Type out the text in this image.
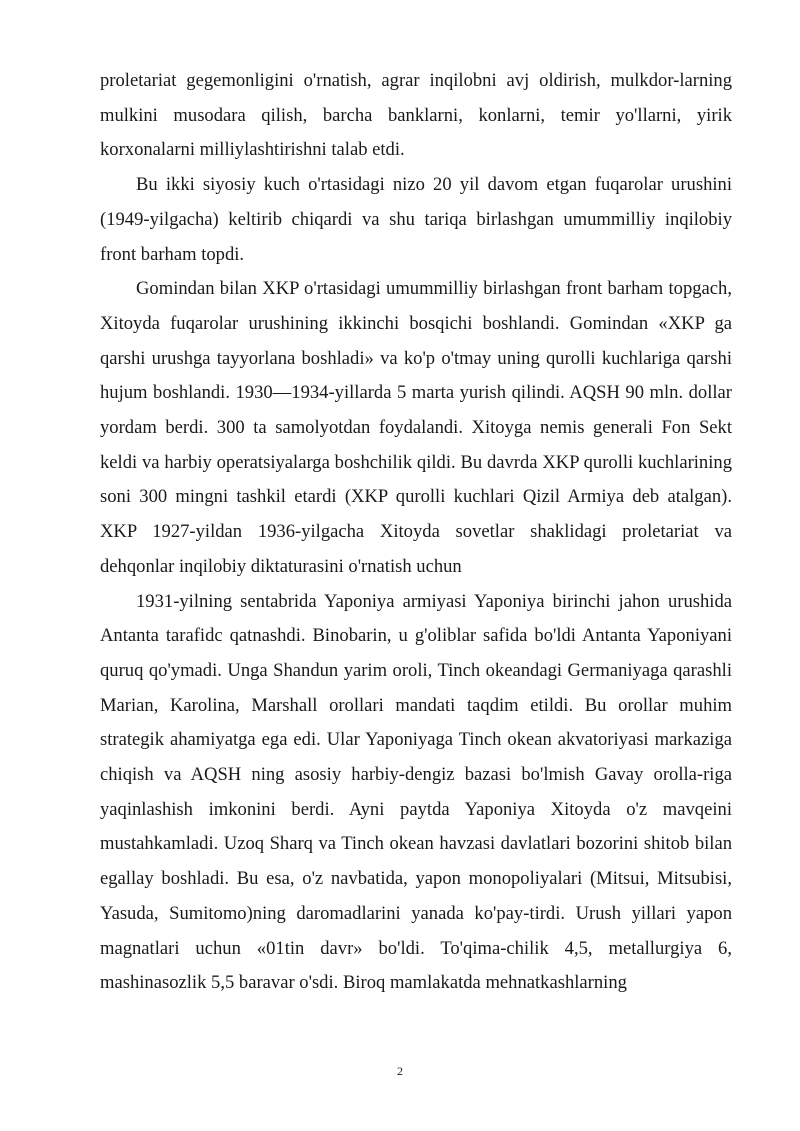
proletariat gegemonligini o'rnatish, agrar inqilobni avj oldirish, mulkdor-larning mulkini musodara qilish, barcha banklarni, konlarni, temir yo'llarni, yirik korxonalarni milliylashtirishni talab etdi.

Bu ikki siyosiy kuch o'rtasidagi nizo 20 yil davom etgan fuqarolar urushini (1949-yilgacha) keltirib chiqardi va shu tariqa birlashgan umummilliy inqilobiy front barham topdi.

Gomindan bilan XKP o'rtasidagi umummilliy birlashgan front barham topgach, Xitoyda fuqarolar urushining ikkinchi bosqichi boshlandi. Gomindan «XKP ga qarshi urushga tayyorlana boshladi» va ko'p o'tmay uning qurolli kuchlariga qarshi hujum boshlandi. 1930—1934-yillarda 5 marta yurish qilindi. AQSH 90 mln. dollar yordam berdi. 300 ta samolyotdan foydalandi. Xitoyga nemis generali Fon Sekt keldi va harbiy operatsiyalarga boshchilik qildi. Bu davrda XKP qurolli kuchlarining soni 300 mingni tashkil etardi (XKP qurolli kuchlari Qizil Armiya deb atalgan). XKP 1927-yildan 1936-yilgacha Xitoyda sovetlar shaklidagi proletariat va dehqonlar inqilobiy diktaturasini o'rnatish uchun

1931-yilning sentabrida Yaponiya armiyasi Yaponiya birinchi jahon urushida Antanta tarafidc qatnashdi. Binobarin, u g'oliblar safida bo'ldi Antanta Yaponiyani quruq qo'ymadi. Unga Shandun yarim oroli, Tinch okeandagi Germaniyaga qarashli Marian, Karolina, Marshall orollari mandati taqdim etildi. Bu orollar muhim strategik ahamiyatga ega edi. Ular Yaponiyaga Tinch okean akvatoriyasi markaziga chiqish va AQSH ning asosiy harbiy-dengiz bazasi bo'lmish Gavay orolla-riga yaqinlashish imkonini berdi. Ayni paytda Yaponiya Xitoyda o'z mavqeini mustahkamladi. Uzoq Sharq va Tinch okean havzasi davlatlari bozorini shitob bilan egallay boshladi. Bu esa, o'z navbatida, yapon monopoliyalari (Mitsui, Mitsubisi, Yasuda, Sumitomo)ning daromadlarini yanada ko'pay-tirdi. Urush yillari yapon magnatlari uchun «01tin davr» bo'ldi. To'qima-chilik 4,5, metallurgiya 6, mashinasozlik 5,5 baravar o'sdi. Biroq mamlakatda mehnatkashlarning

2
